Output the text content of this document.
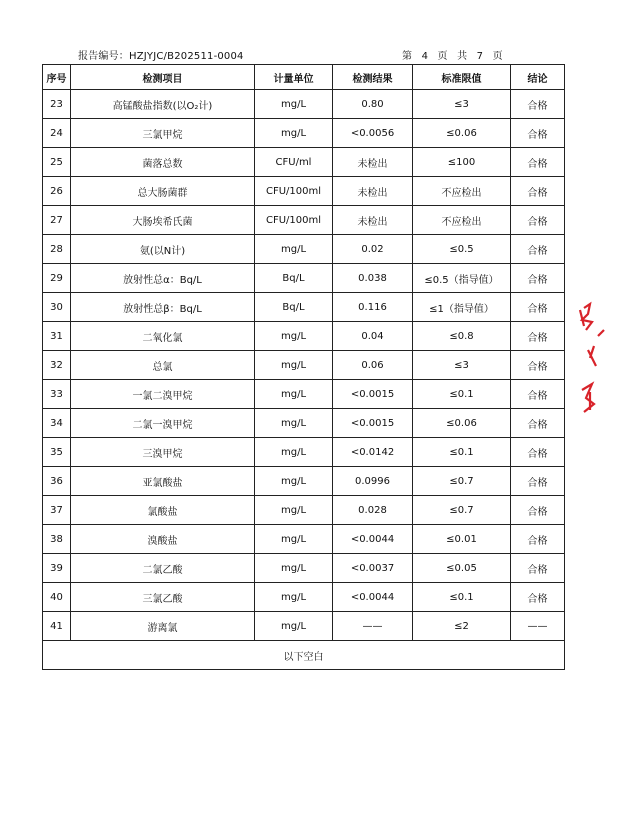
报告编号：HZJYJC/B202511-0004	第 4 页 共 7 页
序号	检测项目	计量单位	检测结果	标准限值	结论
23	高锰酸盐指数(以O₂计)	mg/L	0.80	≤3	合格
24	三氯甲烷	mg/L	<0.0056	≤0.06	合格
25	菌落总数	CFU/ml	未检出	≤100	合格
26	总大肠菌群	CFU/100ml	未检出	不应检出	合格
27	大肠埃希氏菌	CFU/100ml	未检出	不应检出	合格
28	氨(以N计)	mg/L	0.02	≤0.5	合格
29	放射性总α：Bq/L	Bq/L	0.038	≤0.5（指导值）	合格
30	放射性总β：Bq/L	Bq/L	0.116	≤1（指导值）	合格
31	二氧化氯	mg/L	0.04	≤0.8	合格
32	总氯	mg/L	0.06	≤3	合格
33	一氯二溴甲烷	mg/L	<0.0015	≤0.1	合格
34	二氯一溴甲烷	mg/L	<0.0015	≤0.06	合格
35	三溴甲烷	mg/L	<0.0142	≤0.1	合格
36	亚氯酸盐	mg/L	0.0996	≤0.7	合格
37	氯酸盐	mg/L	0.028	≤0.7	合格
38	溴酸盐	mg/L	<0.0044	≤0.01	合格
39	二氯乙酸	mg/L	<0.0037	≤0.05	合格
40	三氯乙酸	mg/L	<0.0044	≤0.1	合格
41	游离氯	mg/L	——	≤2	——
以下空白					
